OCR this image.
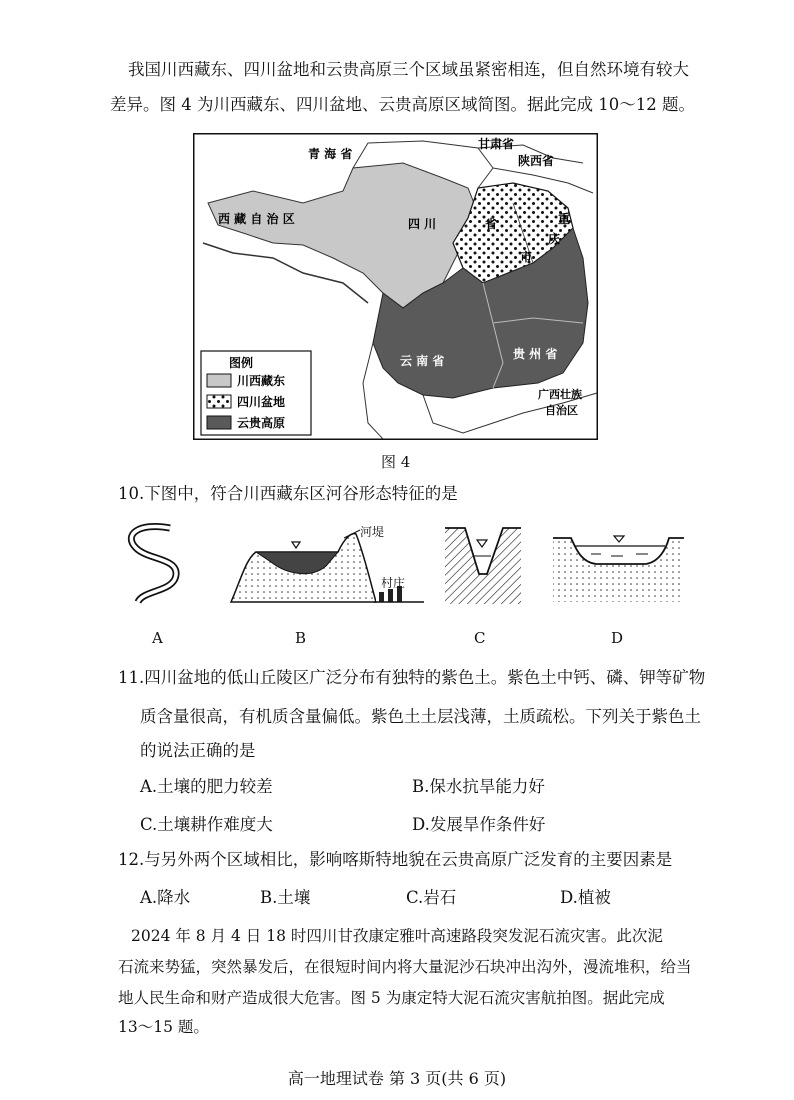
我国川西藏东、四川盆地和云贵高原三个区域虽紧密相连，但自然环境有较大
差异。图 4 为川西藏东、四川盆地、云贵高原区域简图。据此完成 10～12 题。
图例
川西藏东
四川盆地
云贵高原
青 海 省
甘肃省
陕西省
西 藏 自 治 区	四 川	省	重
庆
市
云 南 省	贵 州 省
广西壮族
自治区
图 4
10.下图中，符合川西藏东区河谷形态特征的是
河堤
村庄
A	B	C	D
11.四川盆地的低山丘陵区广泛分布有独特的紫色土。紫色土中钙、磷、钾等矿物
质含量很高，有机质含量偏低。紫色土土层浅薄，土质疏松。下列关于紫色土
的说法正确的是
A.土壤的肥力较差	B.保水抗旱能力好
C.土壤耕作难度大	D.发展旱作条件好
12.与另外两个区域相比，影响喀斯特地貌在云贵高原广泛发育的主要因素是
A.降水	B.土壤	C.岩石	D.植被
2024 年 8 月 4 日 18 时四川甘孜康定雅叶高速路段突发泥石流灾害。此次泥
石流来势猛，突然暴发后，在很短时间内将大量泥沙石块冲出沟外，漫流堆积，给当
地人民生命和财产造成很大危害。图 5 为康定特大泥石流灾害航拍图。据此完成
13～15 题。
高一地理试卷 第 3 页(共 6 页)
